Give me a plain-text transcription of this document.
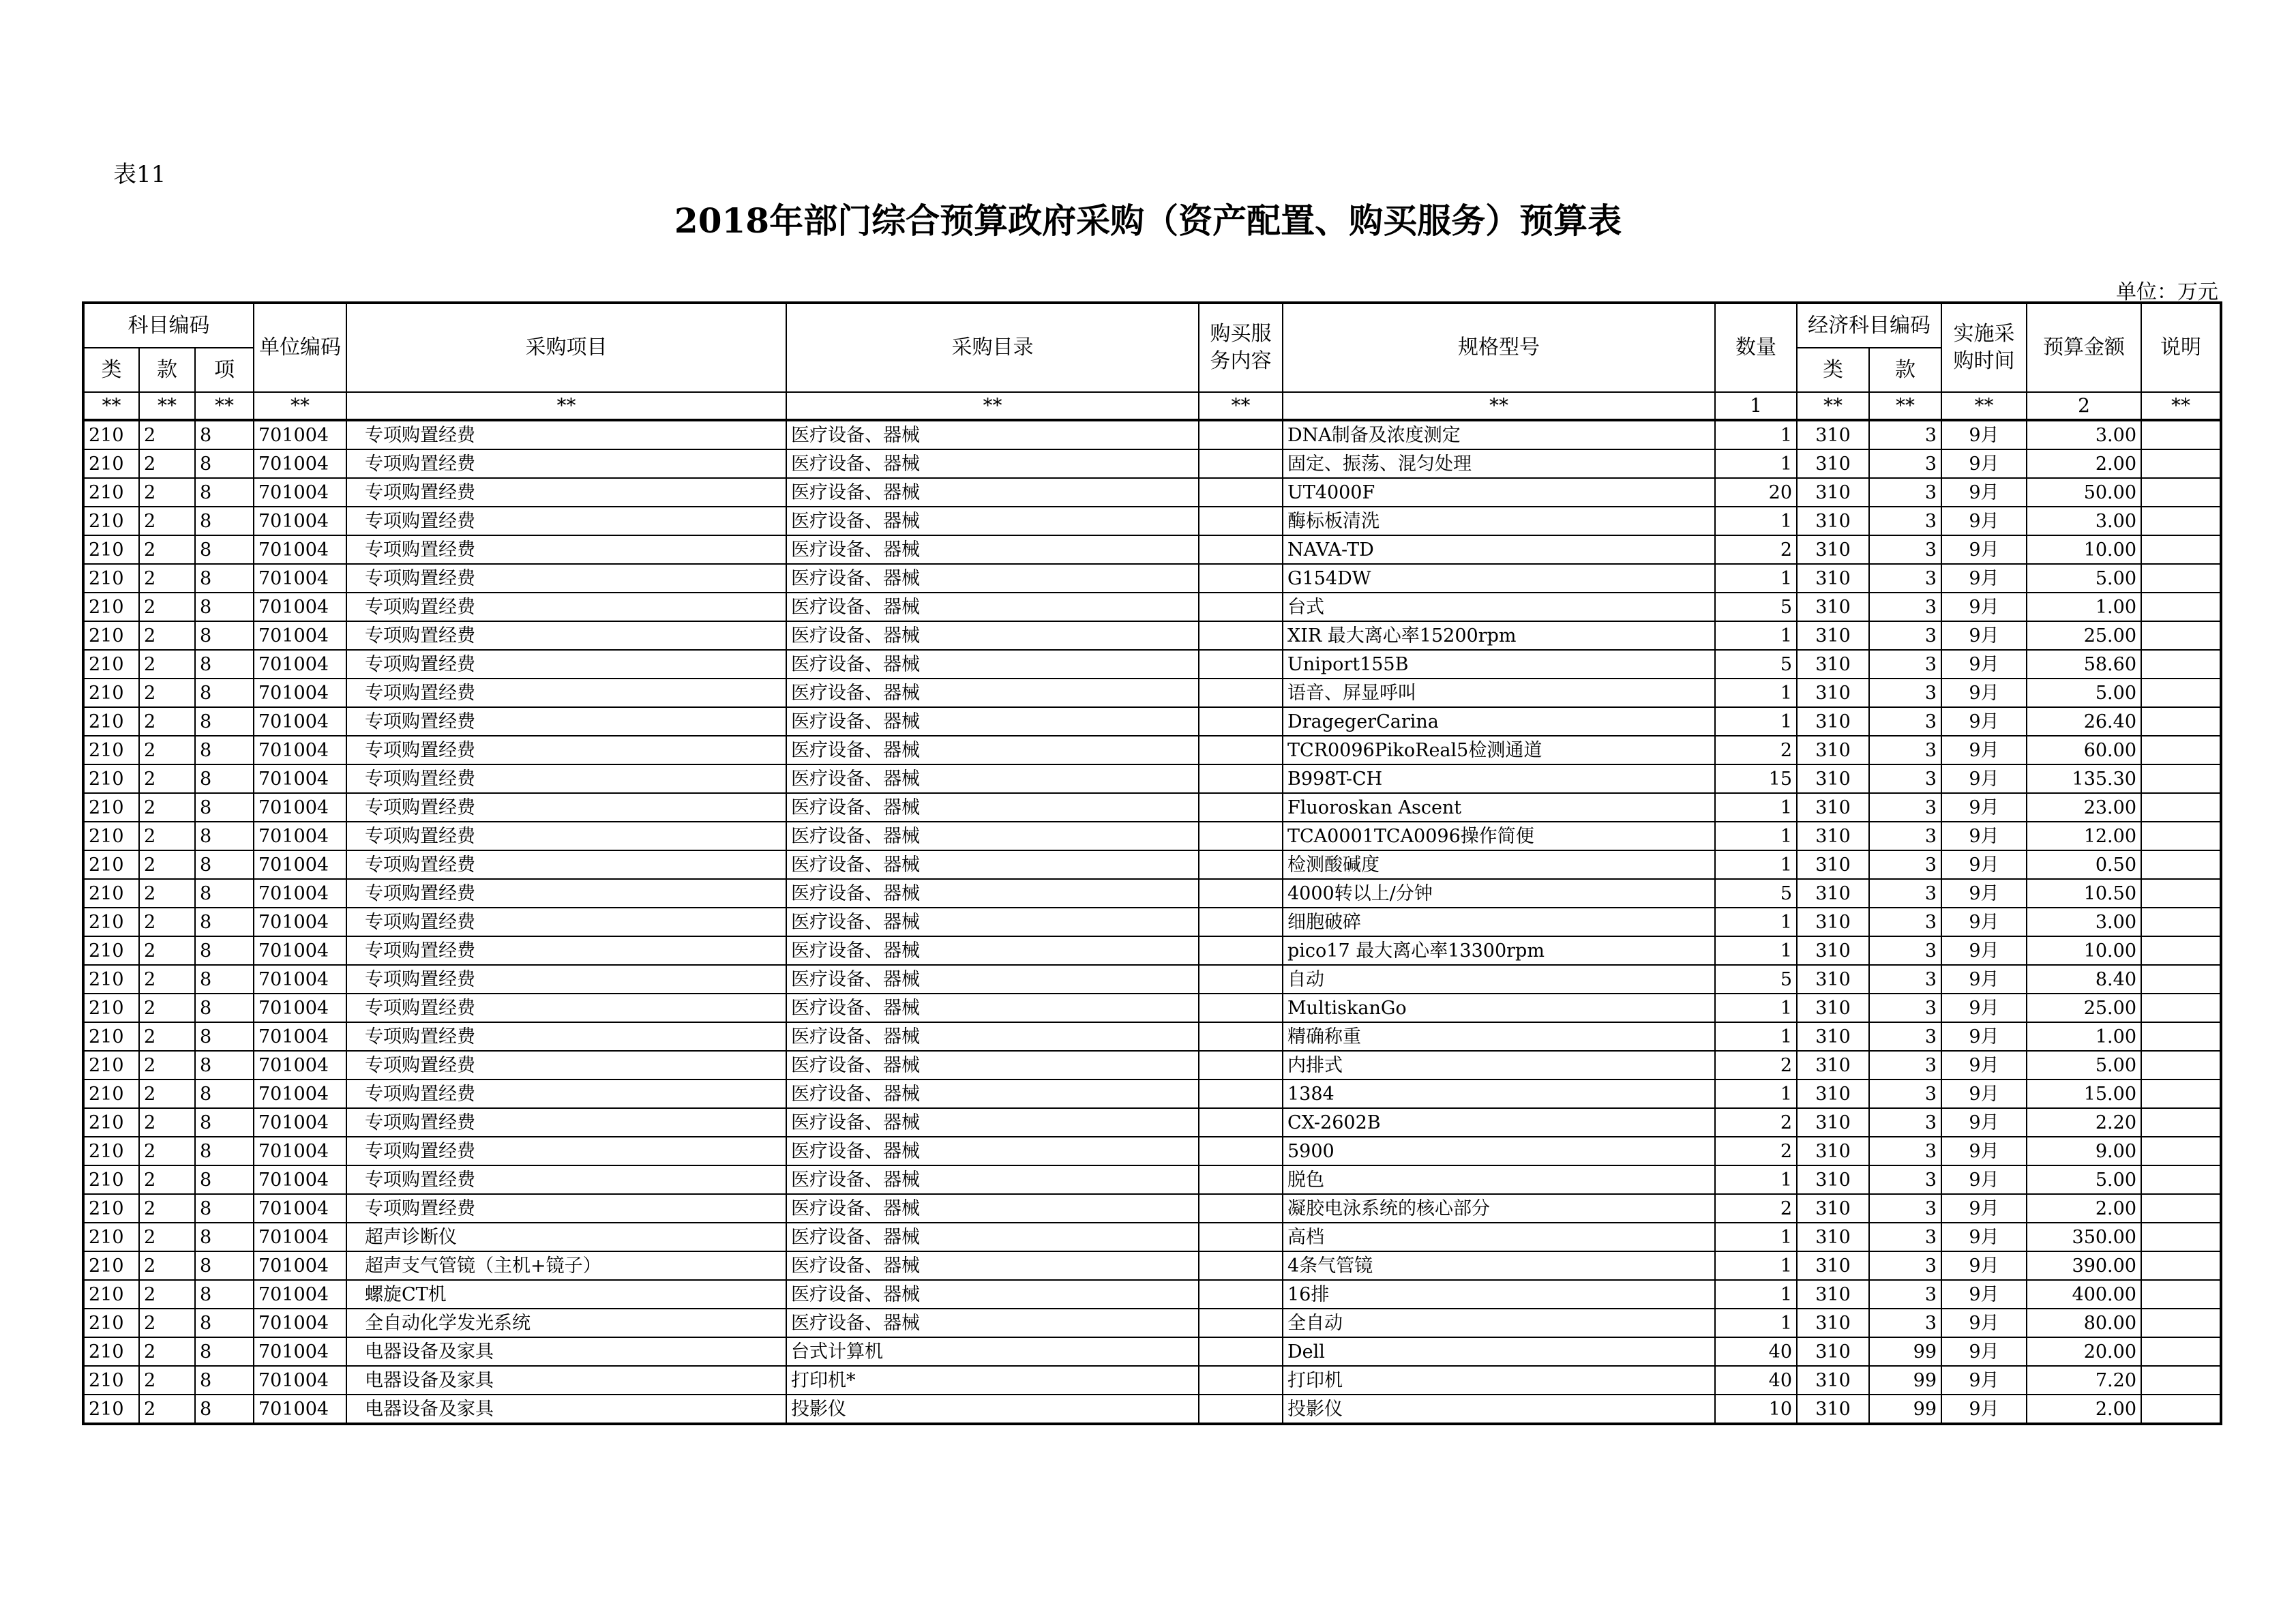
表11
2018年部门综合预算政府采购（资产配置、购买服务）预算表
单位：万元
科目编码			单位编码	采购项目	采购目录	购买服务内容	规格型号	数量	经济科目编码		实施采购时间	预算金额	说明
类	款	项							类	款			
**	**	**	**	**	**	**	**	1	**	**	**	2	**
210	2	8	701004	专项购置经费	医疗设备、器械		DNA制备及浓度测定	1	310	3	9月	3.00	
210	2	8	701004	专项购置经费	医疗设备、器械		固定、振荡、混匀处理	1	310	3	9月	2.00	
210	2	8	701004	专项购置经费	医疗设备、器械		UT4000F	20	310	3	9月	50.00	
210	2	8	701004	专项购置经费	医疗设备、器械		酶标板清洗	1	310	3	9月	3.00	
210	2	8	701004	专项购置经费	医疗设备、器械		NAVA-TD	2	310	3	9月	10.00	
210	2	8	701004	专项购置经费	医疗设备、器械		G154DW	1	310	3	9月	5.00	
210	2	8	701004	专项购置经费	医疗设备、器械		台式	5	310	3	9月	1.00	
210	2	8	701004	专项购置经费	医疗设备、器械		XIR 最大离心率15200rpm	1	310	3	9月	25.00	
210	2	8	701004	专项购置经费	医疗设备、器械		Uniport155B	5	310	3	9月	58.60	
210	2	8	701004	专项购置经费	医疗设备、器械		语音、屏显呼叫	1	310	3	9月	5.00	
210	2	8	701004	专项购置经费	医疗设备、器械		DragegerCarina	1	310	3	9月	26.40	
210	2	8	701004	专项购置经费	医疗设备、器械		TCR0096PikoReal5检测通道	2	310	3	9月	60.00	
210	2	8	701004	专项购置经费	医疗设备、器械		B998T-CH	15	310	3	9月	135.30	
210	2	8	701004	专项购置经费	医疗设备、器械		Fluoroskan Ascent	1	310	3	9月	23.00	
210	2	8	701004	专项购置经费	医疗设备、器械		TCA0001TCA0096操作简便	1	310	3	9月	12.00	
210	2	8	701004	专项购置经费	医疗设备、器械		检测酸碱度	1	310	3	9月	0.50	
210	2	8	701004	专项购置经费	医疗设备、器械		4000转以上/分钟	5	310	3	9月	10.50	
210	2	8	701004	专项购置经费	医疗设备、器械		细胞破碎	1	310	3	9月	3.00	
210	2	8	701004	专项购置经费	医疗设备、器械		pico17 最大离心率13300rpm	1	310	3	9月	10.00	
210	2	8	701004	专项购置经费	医疗设备、器械		自动	5	310	3	9月	8.40	
210	2	8	701004	专项购置经费	医疗设备、器械		MultiskanGo	1	310	3	9月	25.00	
210	2	8	701004	专项购置经费	医疗设备、器械		精确称重	1	310	3	9月	1.00	
210	2	8	701004	专项购置经费	医疗设备、器械		内排式	2	310	3	9月	5.00	
210	2	8	701004	专项购置经费	医疗设备、器械		1384	1	310	3	9月	15.00	
210	2	8	701004	专项购置经费	医疗设备、器械		CX-2602B	2	310	3	9月	2.20	
210	2	8	701004	专项购置经费	医疗设备、器械		5900	2	310	3	9月	9.00	
210	2	8	701004	专项购置经费	医疗设备、器械		脱色	1	310	3	9月	5.00	
210	2	8	701004	专项购置经费	医疗设备、器械		凝胶电泳系统的核心部分	2	310	3	9月	2.00	
210	2	8	701004	超声诊断仪	医疗设备、器械		高档	1	310	3	9月	350.00	
210	2	8	701004	超声支气管镜（主机+镜子）	医疗设备、器械		4条气管镜	1	310	3	9月	390.00	
210	2	8	701004	螺旋CT机	医疗设备、器械		16排	1	310	3	9月	400.00	
210	2	8	701004	全自动化学发光系统	医疗设备、器械		全自动	1	310	3	9月	80.00	
210	2	8	701004	电器设备及家具	台式计算机		Dell	40	310	99	9月	20.00	
210	2	8	701004	电器设备及家具	打印机*		打印机	40	310	99	9月	7.20	
210	2	8	701004	电器设备及家具	投影仪		投影仪	10	310	99	9月	2.00	
